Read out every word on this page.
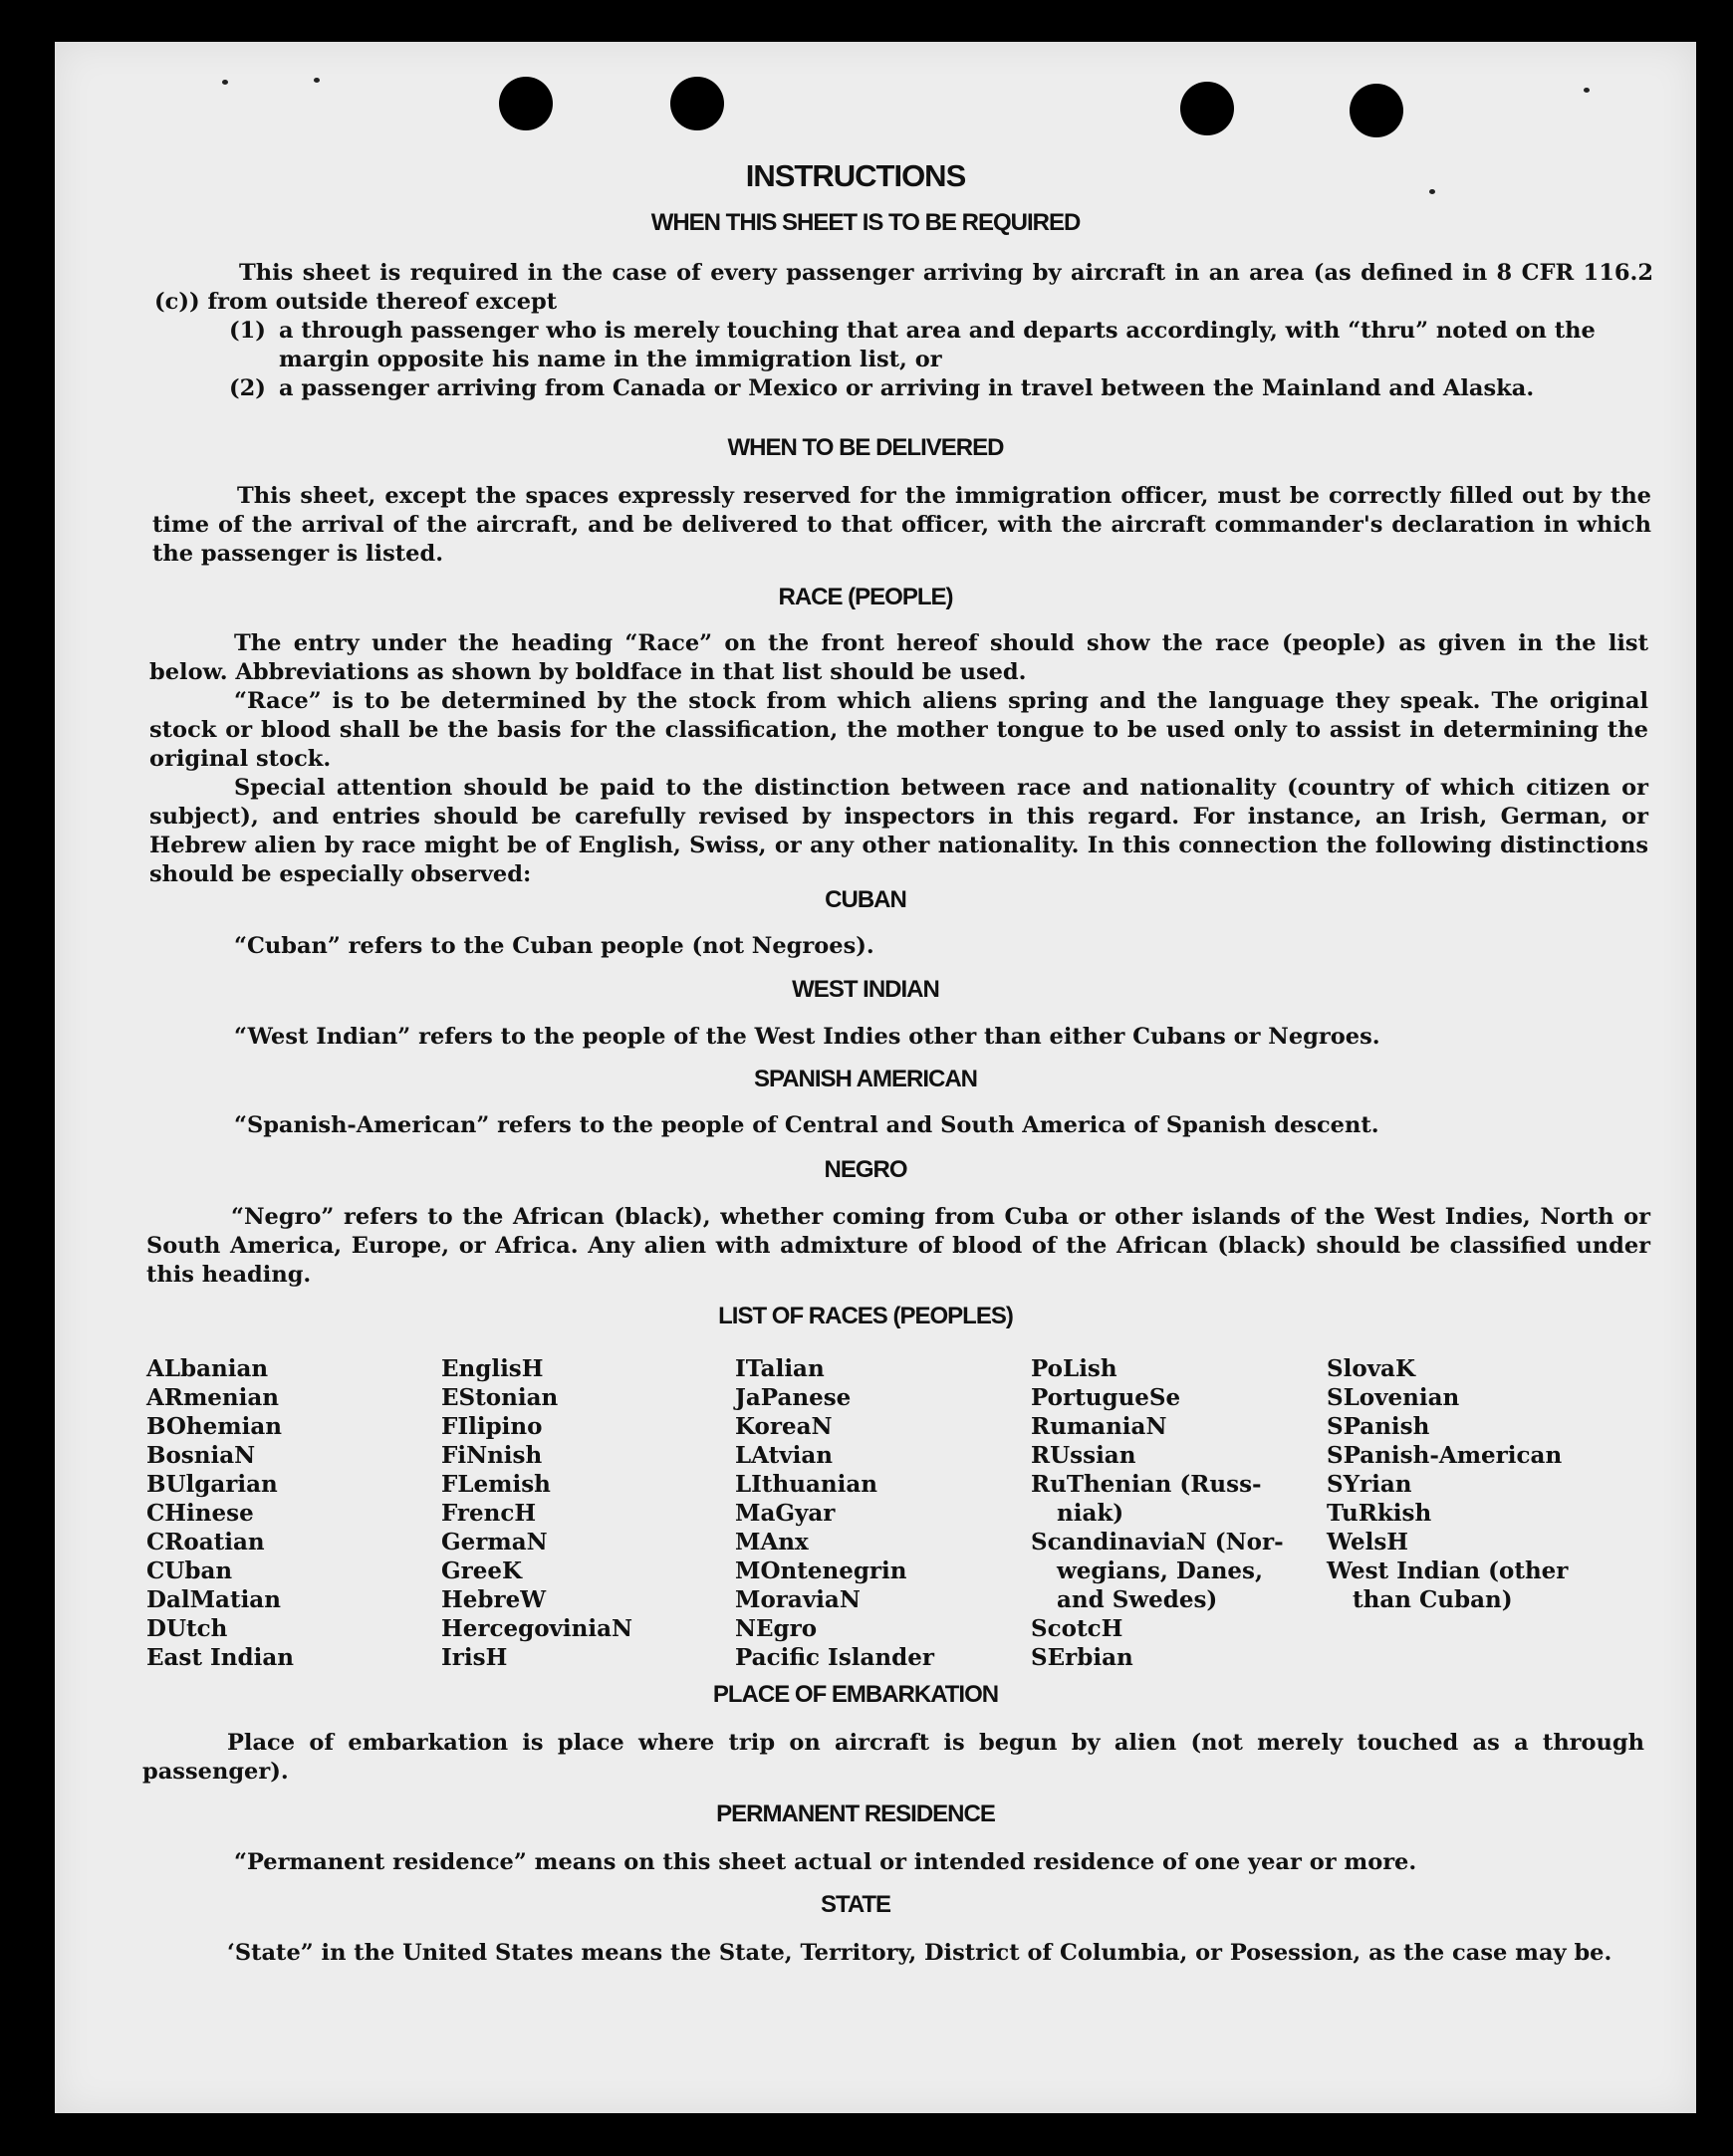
INSTRUCTIONS
WHEN THIS SHEET IS TO BE REQUIRED
This sheet is required in the case of every passenger arriving by aircraft in an area (as defined in 8 CFR 116.2 (c)) from outside thereof except
(1) a through passenger who is merely touching that area and departs accordingly, with “thru” noted on the margin opposite his name in the immigration list, or
(2) a passenger arriving from Canada or Mexico or arriving in travel between the Mainland and Alaska.
WHEN TO BE DELIVERED
This sheet, except the spaces expressly reserved for the immigration officer, must be correctly filled out by the time of the arrival of the aircraft, and be delivered to that officer, with the aircraft commander's declaration in which the passenger is listed.
RACE (PEOPLE)
The entry under the heading “Race” on the front hereof should show the race (people) as given in the list below. Abbreviations as shown by boldface in that list should be used.
“Race” is to be determined by the stock from which aliens spring and the language they speak. The original stock or blood shall be the basis for the classification, the mother tongue to be used only to assist in determining the original stock.
Special attention should be paid to the distinction between race and nationality (country of which citizen or subject), and entries should be carefully revised by inspectors in this regard. For instance, an Irish, German, or Hebrew alien by race might be of English, Swiss, or any other nationality. In this connection the following distinctions should be especially observed:
CUBAN
“Cuban” refers to the Cuban people (not Negroes).
WEST INDIAN
“West Indian” refers to the people of the West Indies other than either Cubans or Negroes.
SPANISH AMERICAN
“Spanish-American” refers to the people of Central and South America of Spanish descent.
NEGRO
“Negro” refers to the African (black), whether coming from Cuba or other islands of the West Indies, North or South America, Europe, or Africa. Any alien with admixture of blood of the African (black) should be classified under this heading.
LIST OF RACES (PEOPLES)
ALbanian
ARmenian
BOhemian
BosniaN
BUlgarian
CHinese
CRoatian
CUban
DalMatian
DUtch
East Indian
EnglisH
EStonian
FIlipino
FiNnish
FLemish
FrencH
GermaN
GreeK
HebreW
HercegoviniaN
IrisH
ITalian
JaPanese
KoreaN
LAtvian
LIthuanian
MaGyar
MAnx
MOntenegrin
MoraviaN
NEgro
Pacific Islander
PoLish
PortugueSe
RumaniaN
RUssian
RuThenian (Russ-
niak)
ScandinaviaN (Nor-
wegians, Danes,
and Swedes)
ScotcH
SErbian
SlovaK
SLovenian
SPanish
SPanish-American
SYrian
TuRkish
WelsH
West Indian (other
than Cuban)
PLACE OF EMBARKATION
Place of embarkation is place where trip on aircraft is begun by alien (not merely touched as a through passenger).
PERMANENT RESIDENCE
“Permanent residence” means on this sheet actual or intended residence of one year or more.
STATE
‘State” in the United States means the State, Territory, District of Columbia, or Posession, as the case may be.
